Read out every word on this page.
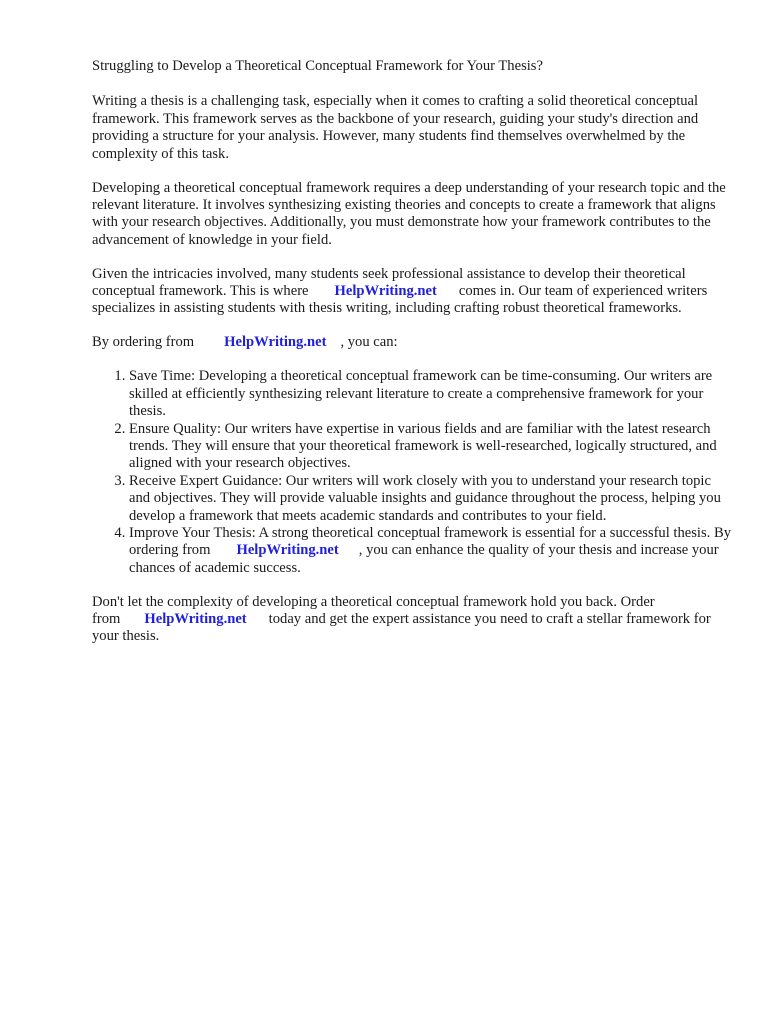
Struggling to Develop a Theoretical Conceptual Framework for Your Thesis?

Writing a thesis is a challenging task, especially when it comes to crafting a solid theoretical conceptual framework. This framework serves as the backbone of your research, guiding your study's direction and providing a structure for your analysis. However, many students find themselves overwhelmed by the complexity of this task.

Developing a theoretical conceptual framework requires a deep understanding of your research topic and the relevant literature. It involves synthesizing existing theories and concepts to create a framework that aligns with your research objectives. Additionally, you must demonstrate how your framework contributes to the advancement of knowledge in your field.

Given the intricacies involved, many students seek professional assistance to develop their theoretical conceptual framework. This is where HelpWriting.net comes in. Our team of experienced writers specializes in assisting students with thesis writing, including crafting robust theoretical frameworks.

By ordering from HelpWriting.net , you can:

1. Save Time: Developing a theoretical conceptual framework can be time-consuming. Our writers are skilled at efficiently synthesizing relevant literature to create a comprehensive framework for your thesis.
2. Ensure Quality: Our writers have expertise in various fields and are familiar with the latest research trends. They will ensure that your theoretical framework is well-researched, logically structured, and aligned with your research objectives.
3. Receive Expert Guidance: Our writers will work closely with you to understand your research topic and objectives. They will provide valuable insights and guidance throughout the process, helping you develop a framework that meets academic standards and contributes to your field.
4. Improve Your Thesis: A strong theoretical conceptual framework is essential for a successful thesis. By ordering from HelpWriting.net , you can enhance the quality of your thesis and increase your chances of academic success.

Don't let the complexity of developing a theoretical conceptual framework hold you back. Order from HelpWriting.net today and get the expert assistance you need to craft a stellar framework for your thesis.
